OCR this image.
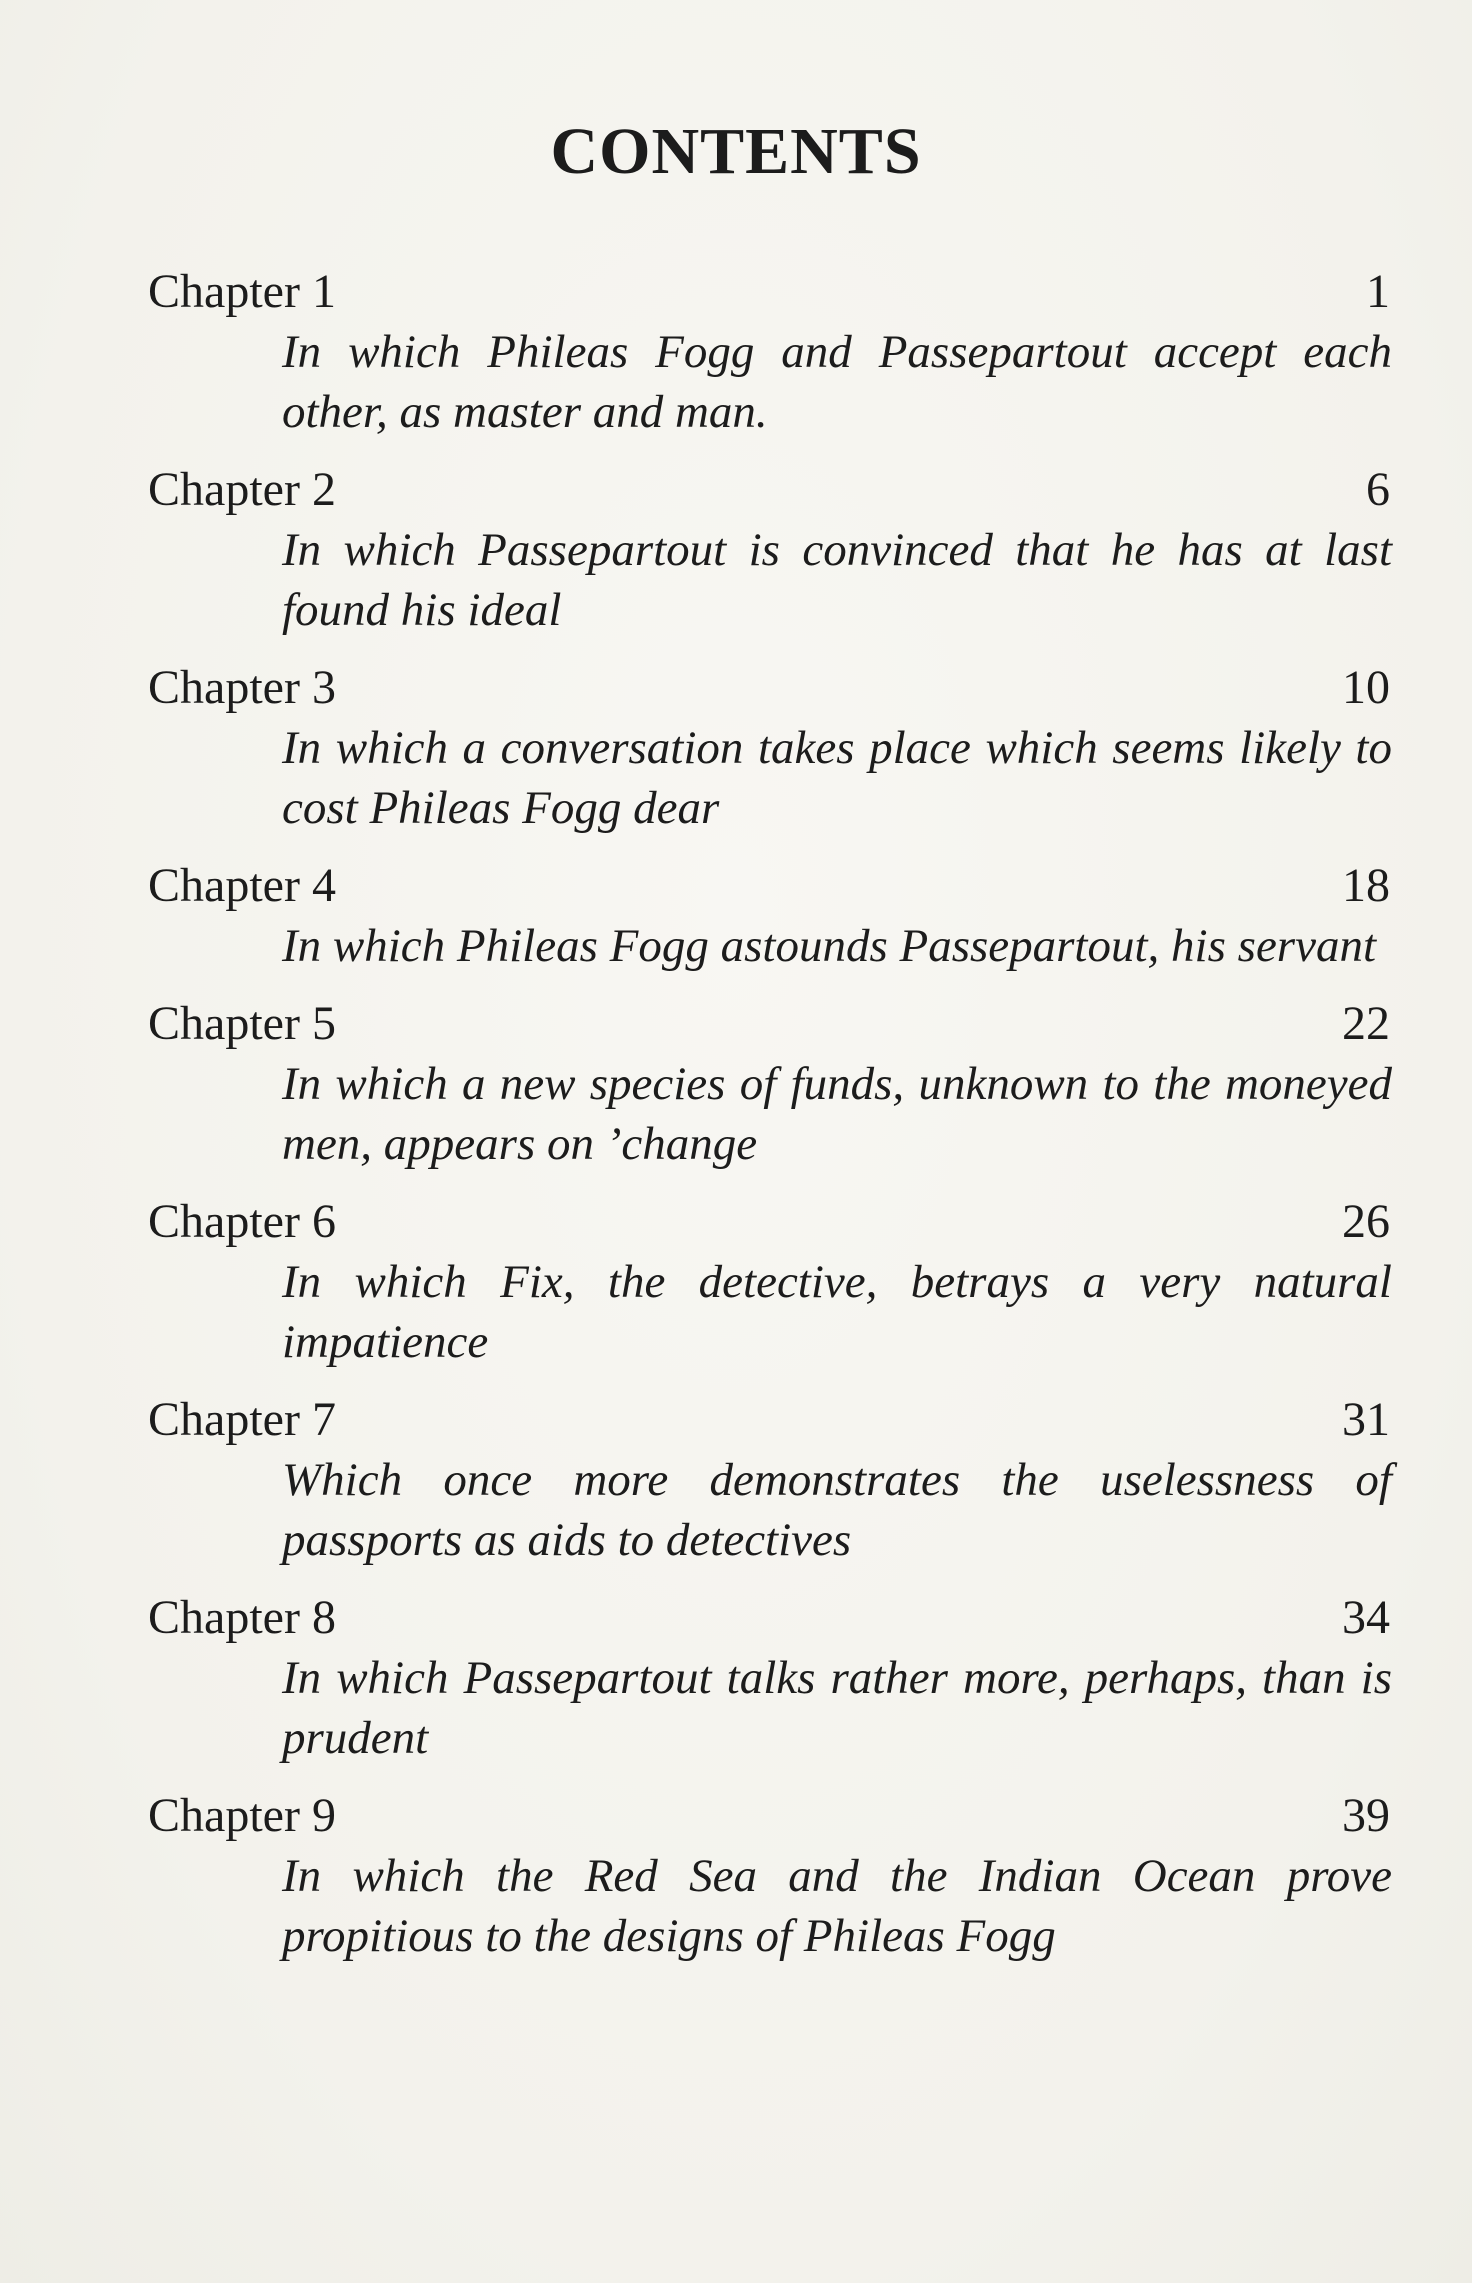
CONTENTS
Chapter 1	1
In which Phileas Fogg and Passepartout accept each other, as master and man.
Chapter 2	6
In which Passepartout is convinced that he has at last found his ideal
Chapter 3	10
In which a conversation takes place which seems likely to cost Phileas Fogg dear
Chapter 4	18
In which Phileas Fogg astounds Passepartout, his servant
Chapter 5	22
In which a new species of funds, unknown to the moneyed men, appears on ’change
Chapter 6	26
In which Fix, the detective, betrays a very natural impatience
Chapter 7	31
Which once more demonstrates the uselessness of passports as aids to detectives
Chapter 8	34
In which Passepartout talks rather more, perhaps, than is prudent
Chapter 9	39
In which the Red Sea and the Indian Ocean prove propitious to the designs of Phileas Fogg
